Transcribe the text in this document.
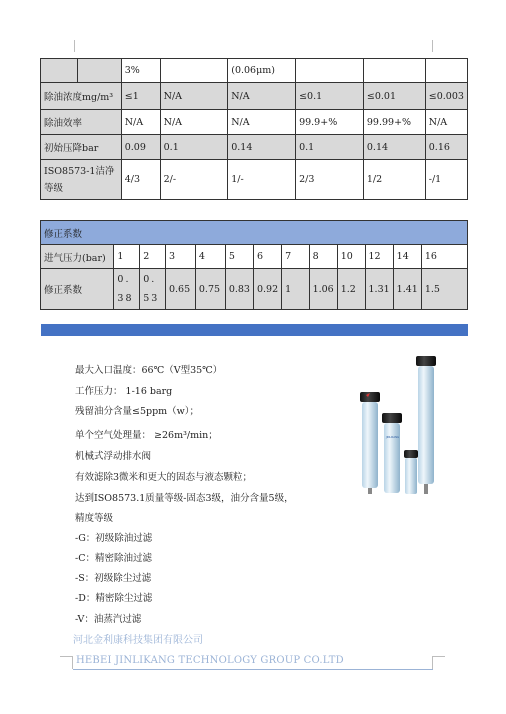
		3%		(0.06μm)			
除油浓度mg/m³		≤1	N/A	N/A	≤0.1	≤0.01	≤0.003
除油效率		N/A	N/A	N/A	99.9+%	99.99+%	N/A
初始压降bar		0.09	0.1	0.14	0.1	0.14	0.16
ISO8573-1洁净等级		4/3	2/-	1/-	2/3	1/2	-/1
修正系数												
进气压力(bar)	1	2	3	4	5	6	7	8	10	12	14	16
修正系数	0.38	0.53	0.65	0.75	0.83	0.92	1	1.06	1.2	1.31	1.41	1.5
最大入口温度：66℃（V型35℃）
工作压力： 1-16 barg
残留油分含量≤5ppm（w）；
单个空气处理量： ≥26m³/min；
机械式浮动排水阀
有效滤除3微米和更大的固态与液态颗粒；
达到ISO8573.1质量等级-固态3级，油分含量5级，
精度等级
-G：初级除油过滤
-C：精密除油过滤
-S：初级除尘过滤
-D：精密除尘过滤
-V：油蒸汽过滤
JINLIKANG
河北金利康科技集团有限公司
HEBEI JINLIKANG TECHNOLOGY GROUP CO.LTD
